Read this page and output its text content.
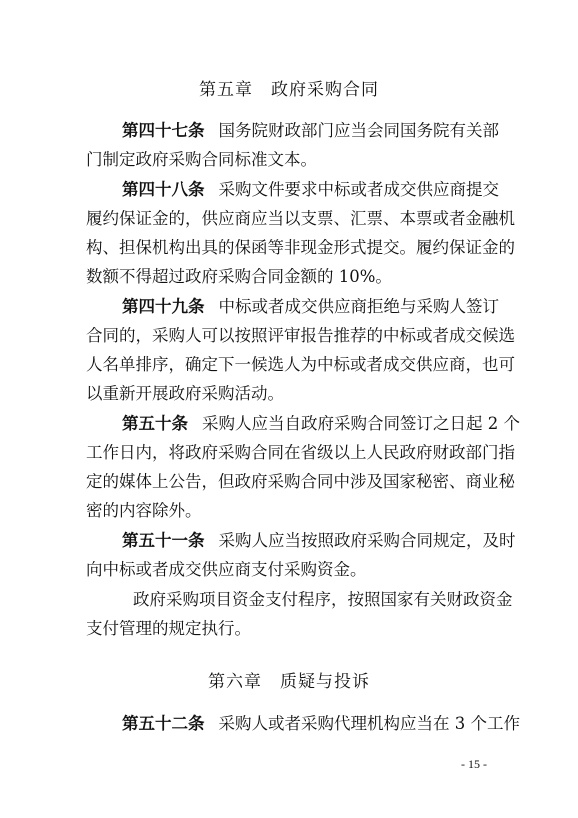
第五章　政府采购合同
第四十七条 国务院财政部门应当会同国务院有关部
门制定政府采购合同标准文本。
第四十八条 采购文件要求中标或者成交供应商提交
履约保证金的，供应商应当以支票、汇票、本票或者金融机
构、担保机构出具的保函等非现金形式提交。履约保证金的
数额不得超过政府采购合同金额的 10%。
第四十九条 中标或者成交供应商拒绝与采购人签订
合同的，采购人可以按照评审报告推荐的中标或者成交候选
人名单排序，确定下一候选人为中标或者成交供应商，也可
以重新开展政府采购活动。
第五十条 采购人应当自政府采购合同签订之日起 2 个
工作日内，将政府采购合同在省级以上人民政府财政部门指
定的媒体上公告，但政府采购合同中涉及国家秘密、商业秘
密的内容除外。
第五十一条 采购人应当按照政府采购合同规定，及时
向中标或者成交供应商支付采购资金。
政府采购项目资金支付程序，按照国家有关财政资金
支付管理的规定执行。
第六章　质疑与投诉
第五十二条 采购人或者采购代理机构应当在 3 个工作
- 15 -
